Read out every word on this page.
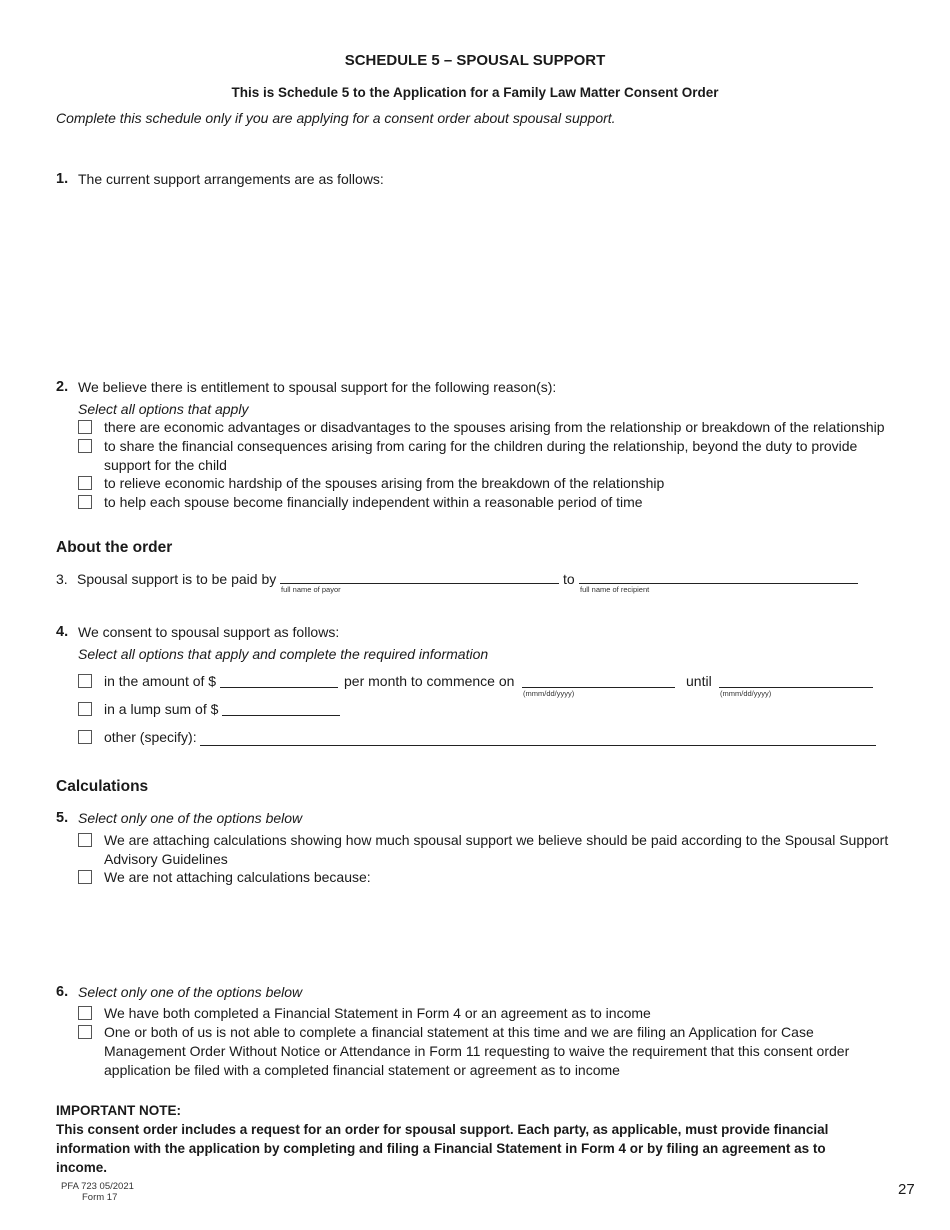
SCHEDULE 5 – SPOUSAL SUPPORT
This is Schedule 5 to the Application for a Family Law Matter Consent Order
Complete this schedule only if you are applying for a consent order about spousal support.
1. The current support arrangements are as follows:
2. We believe there is entitlement to spousal support for the following reason(s):
Select all options that apply
there are economic advantages or disadvantages to the spouses arising from the relationship or breakdown of the relationship
to share the financial consequences arising from caring for the children during the relationship, beyond the duty to provide
support for the child
to relieve economic hardship of the spouses arising from the breakdown of the relationship
to help each spouse become financially independent within a reasonable period of time
About the order
3. Spousal support is to be paid by
full name of payor
to
full name of recipient
4. We consent to spousal support as follows:
Select all options that apply and complete the required information
in the amount of $	per month to commence on
(mmm/dd/yyyy)
until
(mmm/dd/yyyy)
in a lump sum of $
other (specify):
Calculations
5. Select only one of the options below
We are attaching calculations showing how much spousal support we believe should be paid according to the Spousal Support
Advisory Guidelines
We are not attaching calculations because:
6. Select only one of the options below
We have both completed a Financial Statement in Form 4 or an agreement as to income
One or both of us is not able to complete a financial statement at this time and we are filing an Application for Case
Management Order Without Notice or Attendance in Form 11 requesting to waive the requirement that this consent order
application be filed with a completed financial statement or agreement as to income
IMPORTANT NOTE:
This consent order includes a request for an order for spousal support. Each party, as applicable, must provide financial
information with the application by completing and filing a Financial Statement in Form 4 or by filing an agreement as to
income.
PFA 723 05/2021
Form 17	27
